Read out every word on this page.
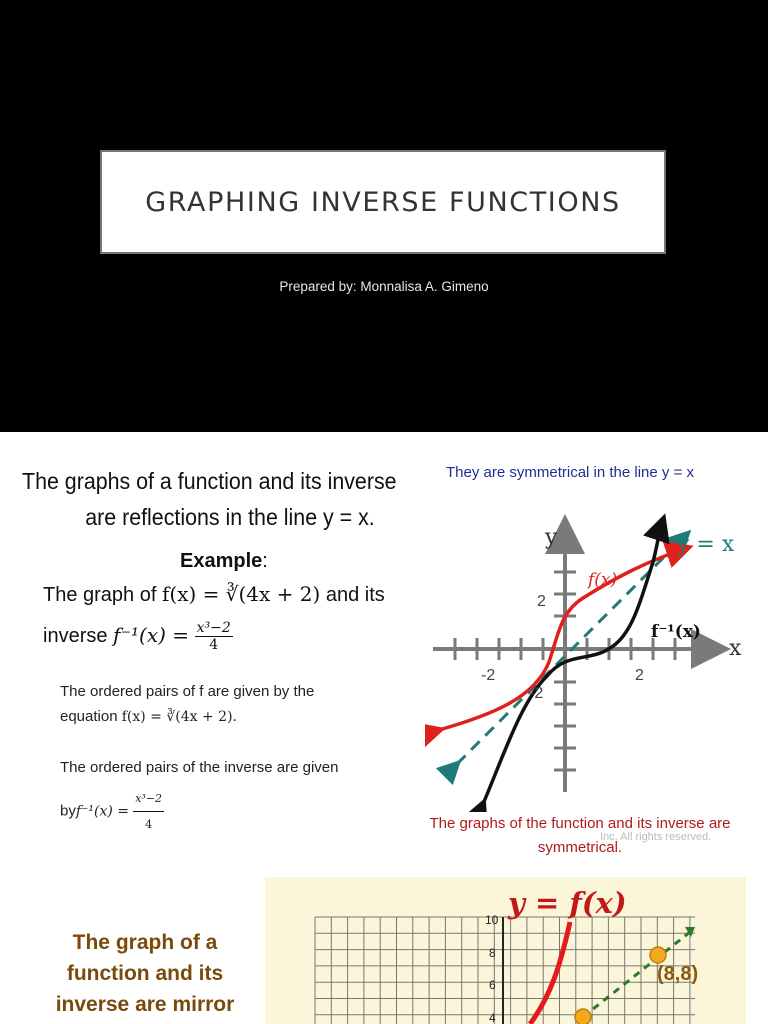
GRAPHING INVERSE FUNCTIONS
Prepared by: Monnalisa A. Gimeno
The graphs of a function and its inverse
are reflections in the line y = x.
Example:
The graph of f(x) = ∛(4x + 2) and its
inverse $f^{-1}(x) = \frac{\text{x³−2}}{4}$
The ordered pairs of f are given by the
equation f(x) = ∛(4x + 2).
The ordered pairs of the inverse are given
$byf^{-1}(x) = \frac{\text{x³−2}}{4}$
They are symmetrical in the line y = x
y
x
y = x
f(x)
f⁻¹(x)
2
-2
2
-2
The graphs of the function and its inverse are
symmetrical.
Inc. All rights reserved.
The graph of a
function and its
inverse are mirror
10
8
6
4
(8,8)
y = f(x)
